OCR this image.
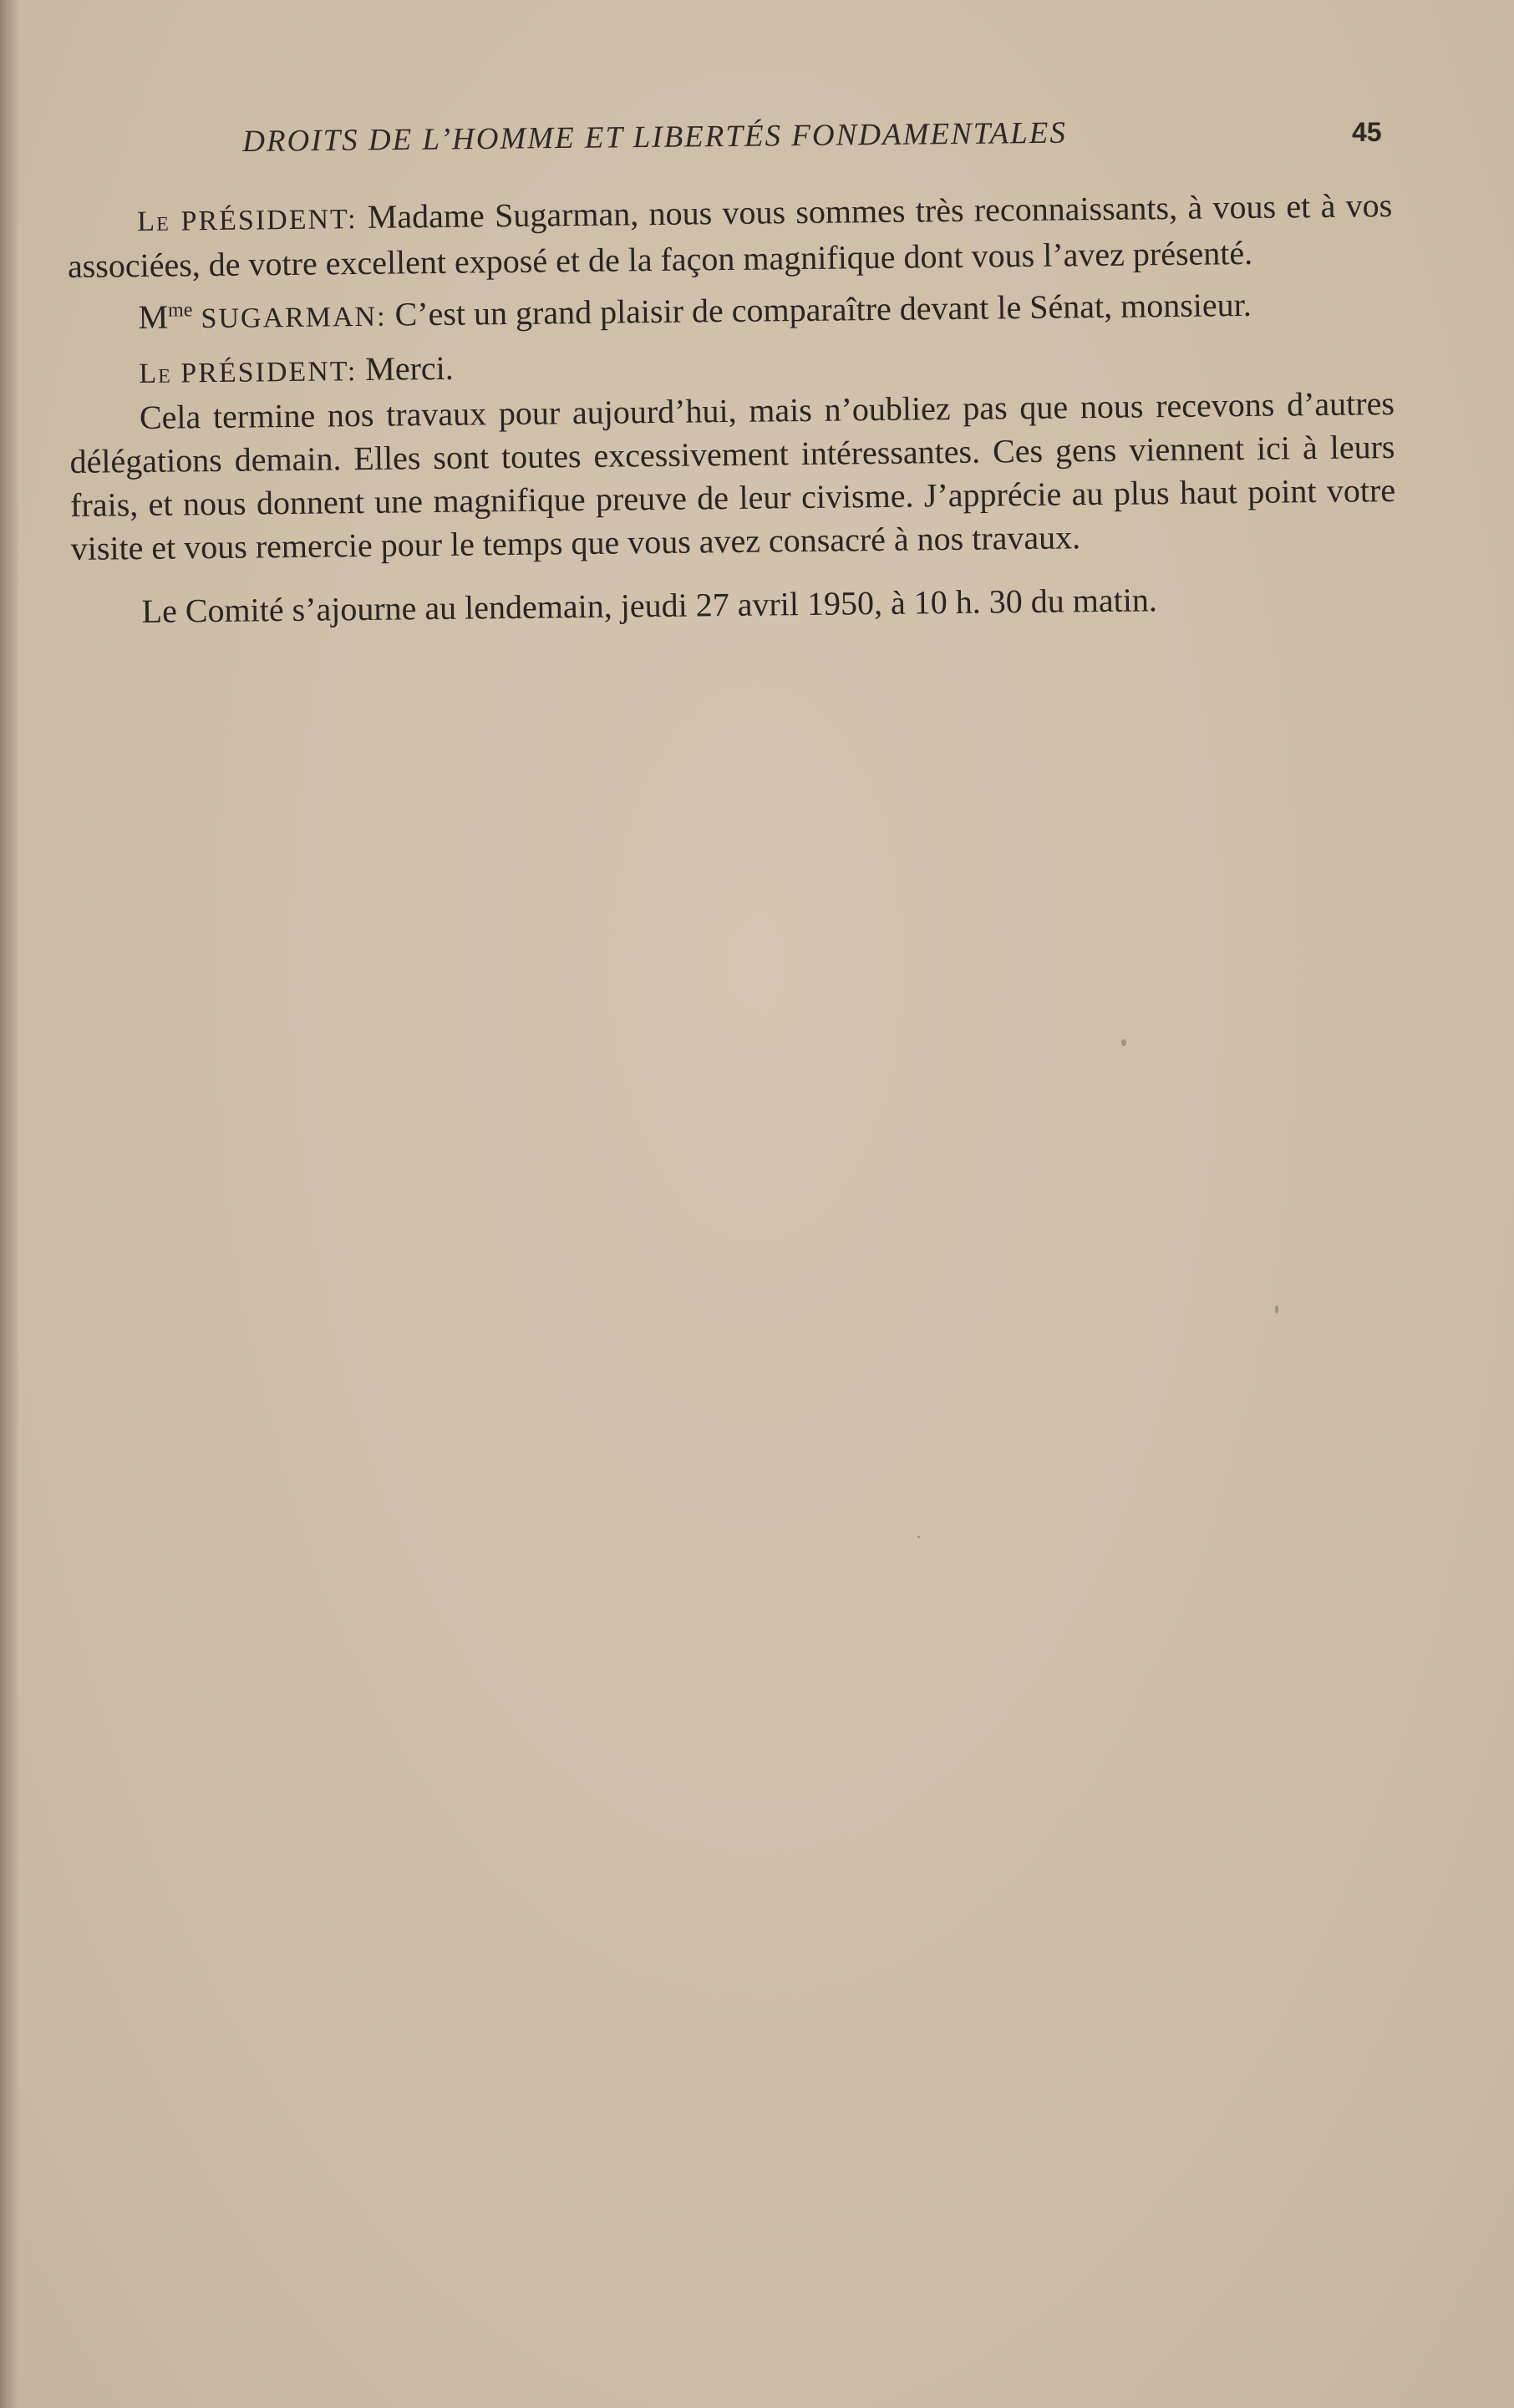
DROITS DE L’HOMME ET LIBERTÉS FONDAMENTALES	45

Le PRÉSIDENT: Madame Sugarman, nous vous sommes très reconnaissants, à vous et à vos associées, de votre excellent exposé et de la façon magnifique dont vous l’avez présenté.

$M^{me}$ SUGARMAN: C’est un grand plaisir de comparaître devant le Sénat, monsieur.

Le PRÉSIDENT: Merci.

Cela termine nos travaux pour aujourd’hui, mais n’oubliez pas que nous recevons d’autres délégations demain. Elles sont toutes excessivement intéressantes. Ces gens viennent ici à leurs frais, et nous donnent une magnifique preuve de leur civisme. J’apprécie au plus haut point votre visite et vous remercie pour le temps que vous avez consacré à nos travaux.

Le Comité s’ajourne au lendemain, jeudi 27 avril 1950, à 10 h. 30 du matin.
